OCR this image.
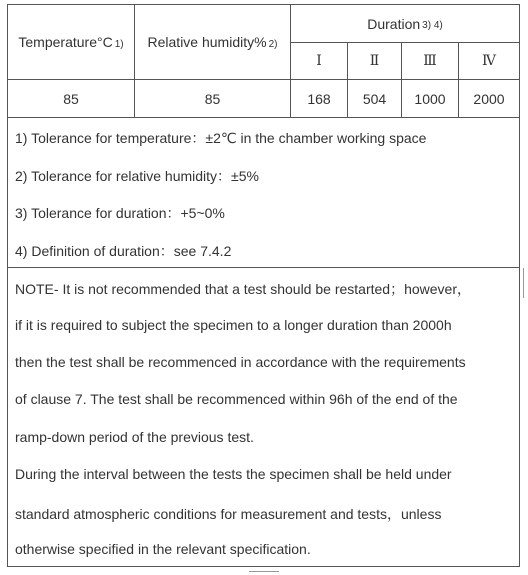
Temperature°C 1) Relative humidity% 2)
Duration 3) 4)
Ⅰ	Ⅱ	Ⅲ	Ⅳ
85	85	168	504	1000	2000
1) Tolerance for temperature：±2℃ in the chamber working space
2) Tolerance for relative humidity：±5%
3) Tolerance for duration：+5~0%
4) Definition of duration：see 7.4.2
NOTE- It is not recommended that a test should be restarted；however，
if it is required to subject the specimen to a longer duration than 2000h
then the test shall be recommenced in accordance with the requirements
of clause 7. The test shall be recommenced within 96h of the end of the
ramp-down period of the previous test.
During the interval between the tests the specimen shall be held under
standard atmospheric conditions for measurement and tests，unless
otherwise specified in the relevant specification.
